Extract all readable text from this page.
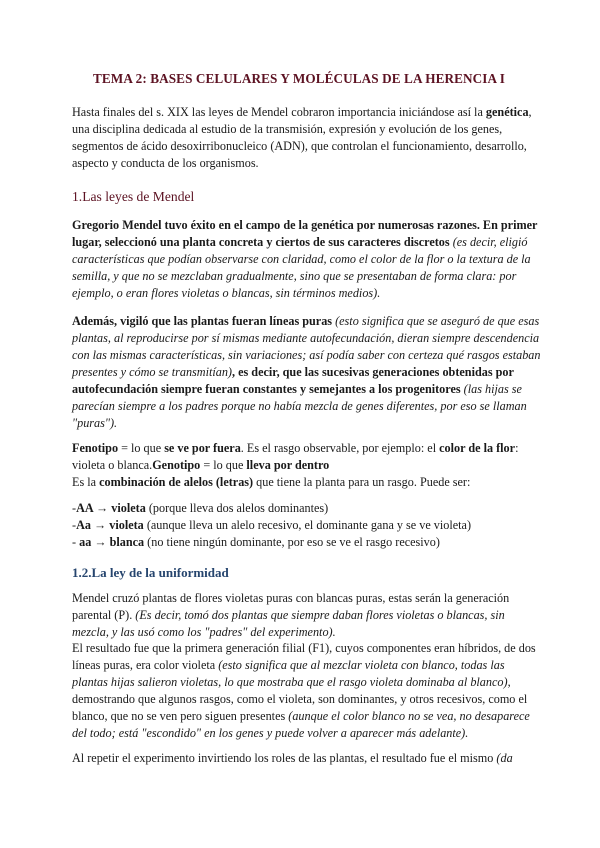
TEMA 2: BASES CELULARES Y MOLÉCULAS DE LA HERENCIA I

Hasta finales del s. XIX las leyes de Mendel cobraron importancia iniciándose así la genética, una disciplina dedicada al estudio de la transmisión, expresión y evolución de los genes, segmentos de ácido desoxirribonucleico (ADN), que controlan el funcionamiento, desarrollo, aspecto y conducta de los organismos.

1.Las leyes de Mendel

Gregorio Mendel tuvo éxito en el campo de la genética por numerosas razones. En primer lugar, seleccionó una planta concreta y ciertos de sus caracteres discretos (es decir, eligió características que podían observarse con claridad, como el color de la flor o la textura de la semilla, y que no se mezclaban gradualmente, sino que se presentaban de forma clara: por ejemplo, o eran flores violetas o blancas, sin términos medios).

Además, vigiló que las plantas fueran líneas puras (esto significa que se aseguró de que esas plantas, al reproducirse por sí mismas mediante autofecundación, dieran siempre descendencia con las mismas características, sin variaciones; así podía saber con certeza qué rasgos estaban presentes y cómo se transmitían), es decir, que las sucesivas generaciones obtenidas por autofecundación siempre fueran constantes y semejantes a los progenitores (las hijas se parecían siempre a los padres porque no había mezcla de genes diferentes, por eso se llaman "puras").

Fenotipo = lo que se ve por fuera. Es el rasgo observable, por ejemplo: el color de la flor: violeta o blanca.Genotipo = lo que lleva por dentro
Es la combinación de alelos (letras) que tiene la planta para un rasgo. Puede ser:

-AA → violeta (porque lleva dos alelos dominantes)
-Aa → violeta (aunque lleva un alelo recesivo, el dominante gana y se ve violeta)
- aa → blanca (no tiene ningún dominante, por eso se ve el rasgo recesivo)
1.2.La ley de la uniformidad

Mendel cruzó plantas de flores violetas puras con blancas puras, estas serán la generación parental (P). (Es decir, tomó dos plantas que siempre daban flores violetas o blancas, sin mezcla, y las usó como los "padres" del experimento).

El resultado fue que la primera generación filial (F1), cuyos componentes eran híbridos, de dos líneas puras, era color violeta (esto significa que al mezclar violeta con blanco, todas las plantas hijas salieron violetas, lo que mostraba que el rasgo violeta dominaba al blanco), demostrando que algunos rasgos, como el violeta, son dominantes, y otros recesivos, como el blanco, que no se ven pero siguen presentes (aunque el color blanco no se vea, no desaparece del todo; está "escondido" en los genes y puede volver a aparecer más adelante).

Al repetir el experimento invirtiendo los roles de las plantas, el resultado fue el mismo (da
